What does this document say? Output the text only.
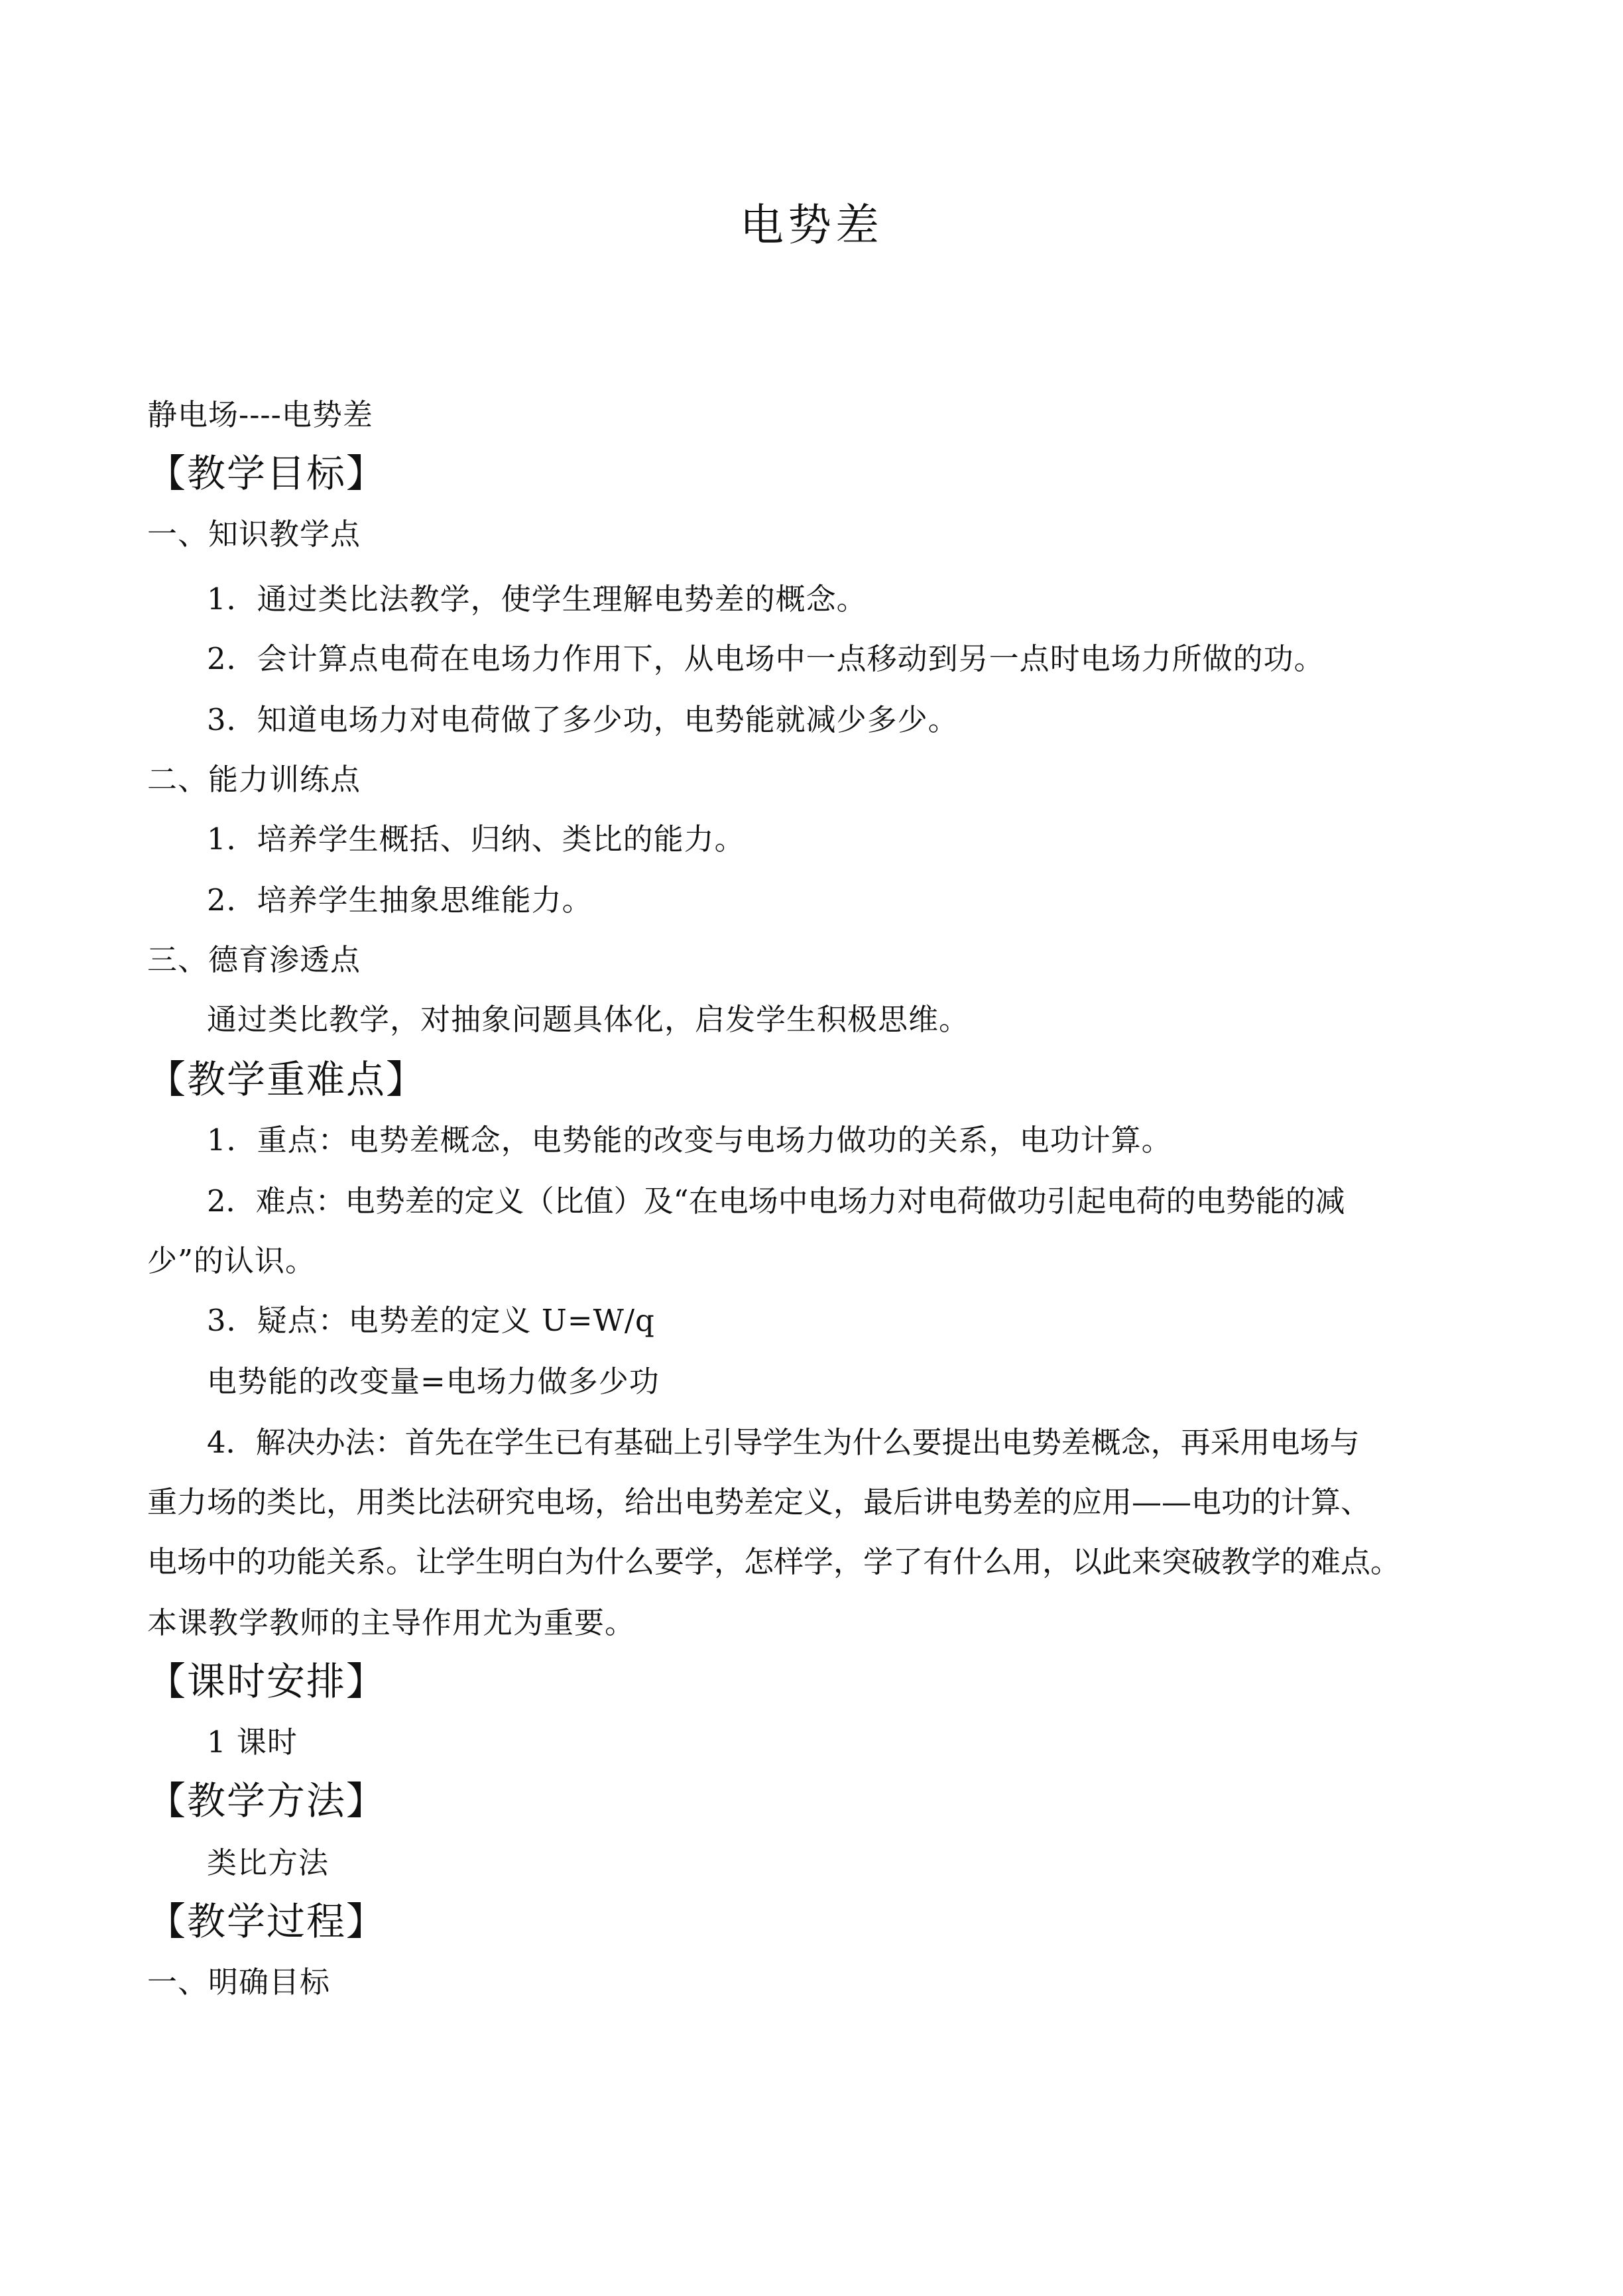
电势差
静电场----电势差
【教学目标】
一、知识教学点
1．通过类比法教学，使学生理解电势差的概念。
2．会计算点电荷在电场力作用下，从电场中一点移动到另一点时电场力所做的功。
3．知道电场力对电荷做了多少功，电势能就减少多少。
二、能力训练点
1．培养学生概括、归纳、类比的能力。
2．培养学生抽象思维能力。
三、德育渗透点
通过类比教学，对抽象问题具体化，启发学生积极思维。
【教学重难点】
1．重点：电势差概念，电势能的改变与电场力做功的关系，电功计算。
2．难点：电势差的定义（比值）及“在电场中电场力对电荷做功引起电荷的电势能的减
少”的认识。
3．疑点：电势差的定义 U=W/q
电势能的改变量=电场力做多少功
4．解决办法：首先在学生已有基础上引导学生为什么要提出电势差概念，再采用电场与
重力场的类比，用类比法研究电场，给出电势差定义，最后讲电势差的应用——电功的计算、
电场中的功能关系。让学生明白为什么要学，怎样学，学了有什么用，以此来突破教学的难点。
本课教学教师的主导作用尤为重要。
【课时安排】
1 课时
【教学方法】
类比方法
【教学过程】
一、明确目标
